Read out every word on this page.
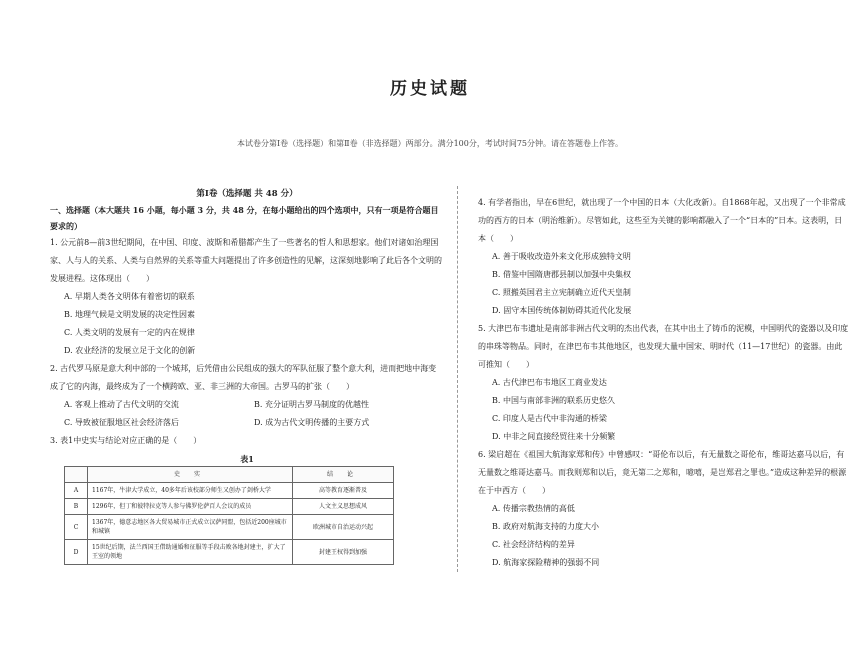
历史试题
本试卷分第Ⅰ卷（选择题）和第Ⅱ卷（非选择题）两部分。满分100分，考试时间75分钟。请在答题卷上作答。
第Ⅰ卷（选择题 共 48 分）
一、选择题（本大题共 16 小题，每小题 3 分，共 48 分，在每小题给出的四个选项中，只有一项是符合题目要求的）

1. 公元前8—前3世纪期间，在中国、印度、波斯和希腊都产生了一些著名的哲人和思想家。他们对诸如治理国家、人与人的关系、人类与自然界的关系等重大问题提出了许多创造性的见解，这深刻地影响了此后各个文明的发展进程。这体现出（　　）

A. 早期人类各文明体有着密切的联系

B. 地理气候是文明发展的决定性因素

C. 人类文明的发展有一定的内在规律

D. 农业经济的发展立足于文化的创新

2. 古代罗马原是意大利中部的一个城邦，后凭借由公民组成的强大的军队征服了整个意大利，进而把地中海变成了它的内海，最终成为了一个横跨欧、亚、非三洲的大帝国。古罗马的扩张（　　）

A. 客观上推动了古代文明的交流	B. 充分证明古罗马制度的优越性
C. 导致被征服地区社会经济落后	D. 成为古代文明传播的主要方式

3. 表1中史实与结论对应正确的是（　　）

表1
	史 实	结 论
A	1167年，牛津大学成立，40多年后该校部分师生又创办了剑桥大学	高等教育逐渐普及
B	1296年，但丁和彼特拉克等人参与佛罗伦萨百人会议的成员	人文主义思想成风
C	1367年，德意志地区各大贸易城市正式成立汉萨同盟，包括近200座城市和城镇	欧洲城市自治运动兴起
D	15世纪后期，法兰西国王借助通婚和征服等手段击败各地封建主，扩大了王室的领地	封建王权得到加强

4. 有学者指出，早在6世纪，就出现了一个中国的日本（大化改新）。自1868年起，又出现了一个非常成功的西方的日本（明治维新）。尽管如此，这些至为关键的影响都融入了一个“日本的”日本。这表明，日本（　　）

A. 善于吸收改造外来文化形成独特文明

B. 借鉴中国隋唐郡县制以加强中央集权

C. 照搬英国君主立宪制确立近代天皇制

D. 固守本国传统体制妨碍其近代化发展

5. 大津巴布韦遗址是南部非洲古代文明的杰出代表，在其中出土了铸币的泥模，中国明代的瓷器以及印度的串珠等物品。同时，在津巴布韦其他地区，也发现大量中国宋、明时代（11—17世纪）的瓷器。由此可推知（　　）

A. 古代津巴布韦地区工商业发达

B. 中国与南部非洲的联系历史悠久

C. 印度人是古代中非沟通的桥梁

D. 中非之间直接经贸往来十分频繁

6. 梁启超在《祖国大航海家郑和传》中曾感叹：“哥伦布以后，有无量数之哥伦布，维哥达嘉马以后，有无量数之维哥达嘉马。而我则郑和以后，竟无第二之郑和，噫嘻，是岂郑君之罪也。”造成这种差异的根源在于中西方（　　）

A. 传播宗教热情的高低

B. 政府对航海支持的力度大小

C. 社会经济结构的差异

D. 航海家探险精神的强弱不同
